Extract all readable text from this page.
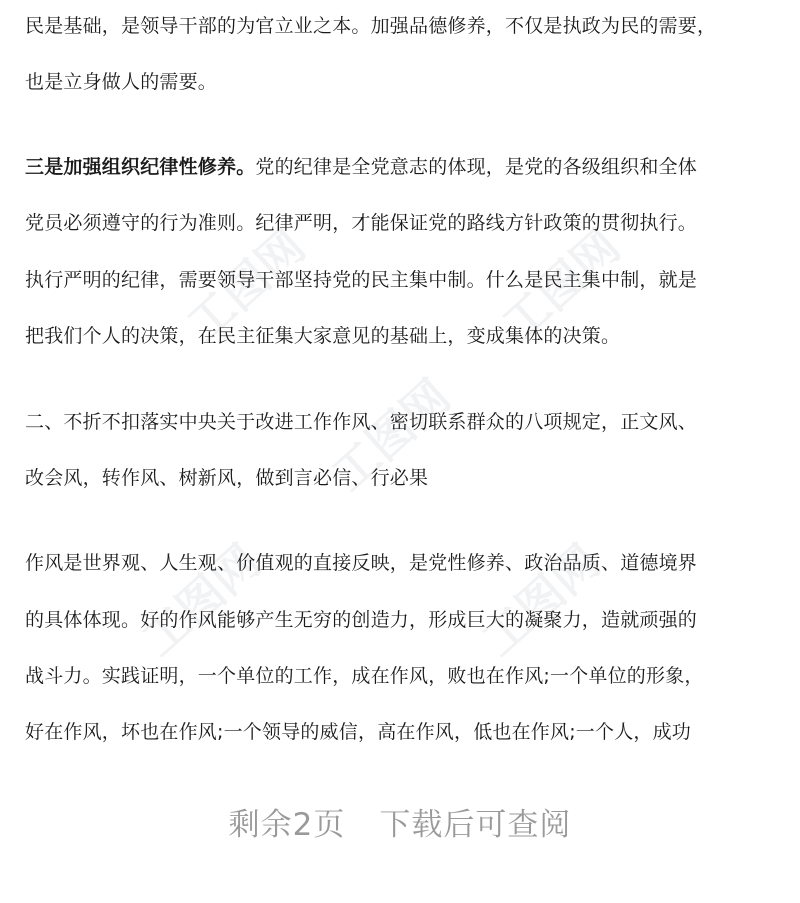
工图网	工图网
工图网
工图网	工图网
民是基础，是领导干部的为官立业之本。加强品德修养，不仅是执政为民的需要，
也是立身做人的需要。
三是加强组织纪律性修养。党的纪律是全党意志的体现，是党的各级组织和全体
党员必须遵守的行为准则。纪律严明，才能保证党的路线方针政策的贯彻执行。
执行严明的纪律，需要领导干部坚持党的民主集中制。什么是民主集中制，就是
把我们个人的决策，在民主征集大家意见的基础上，变成集体的决策。
二、不折不扣落实中央关于改进工作作风、密切联系群众的八项规定，正文风、
改会风，转作风、树新风，做到言必信、行必果
作风是世界观、人生观、价值观的直接反映，是党性修养、政治品质、道德境界
的具体体现。好的作风能够产生无穷的创造力，形成巨大的凝聚力，造就顽强的
战斗力。实践证明，一个单位的工作，成在作风，败也在作风;一个单位的形象，
好在作风，坏也在作风;一个领导的威信，高在作风，低也在作风;一个人，成功
剩余2页 下载后可查阅
